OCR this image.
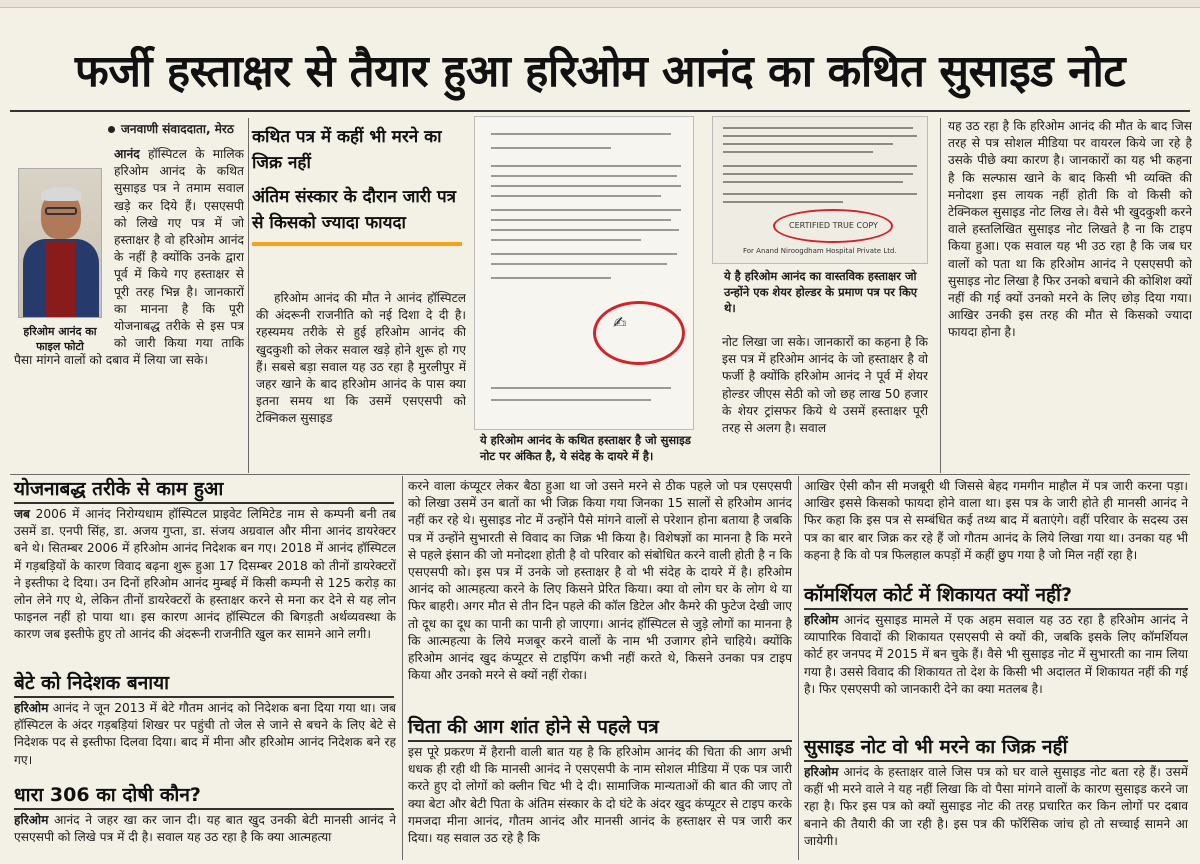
फर्जी हस्ताक्षर से तैयार हुआ हरिओम आनंद का कथित सुसाइड नोट
जनवाणी संवाददाता, मेरठ
हरिओम आनंद का फाइल फोटो

आनंद हॉस्पिटल के मालिक हरिओम आनंद के कथित सुसाइड पत्र ने तमाम सवाल खड़े कर दिये हैं। एसएसपी को लिखे गए पत्र में जो हस्ताक्षर है वो हरिओम आनंद के नहीं है क्योंकि उनके द्वारा पूर्व में किये गए हस्ताक्षर से पूरी तरह भिन्न है। जानकारों का मानना है कि पूरी योजनाबद्ध तरीके से इस पत्र को जारी किया गया ताकि पैसा मांगने वालों को दबाव में लिया जा सके।

कथित पत्र में कहीं भी मरने का जिक्र नहीं
अंतिम संस्कार के दौरान जारी पत्र से किसको ज्यादा फायदा

हरिओम आनंद की मौत ने आनंद हॉस्पिटल की अंदरूनी राजनीति को नई दिशा दे दी है। रहस्यमय तरीके से हुई हरिओम आनंद की खुदकुशी को लेकर सवाल खड़े होने शुरू हो गए हैं। सबसे बड़ा सवाल यह उठ रहा है मुरलीपुर में जहर खाने के बाद हरिओम आनंद के पास क्या इतना समय था कि उसमें एसएसपी को टेक्निकल सुसाइड

✍
ये हरिओम आनंद के कथित हस्ताक्षर है जो सुसाइड नोट पर अंकित है, ये संदेह के दायरे में है।
CERTIFIED TRUE COPY
For Anand Niroogdham Hospital Private Ltd.
ये है हरिओम आनंद का वास्तविक हस्ताक्षर जो उन्होंने एक शेयर होल्डर के प्रमाण पत्र पर किए थे।

नोट लिखा जा सके। जानकारों का कहना है कि इस पत्र में हरिओम आनंद के जो हस्ताक्षर है वो फर्जी है क्योंकि हरिओम आनंद ने पूर्व में शेयर होल्डर जीएस सेठी को जो छह लाख 50 हजार के शेयर ट्रांसफर किये थे उसमें हस्ताक्षर पूरी तरह से अलग है। सवाल

यह उठ रहा है कि हरिओम आनंद की मौत के बाद जिस तरह से पत्र सोशल मीडिया पर वायरल किये जा रहे है उसके पीछे क्या कारण है। जानकारों का यह भी कहना है कि सल्फास खाने के बाद किसी भी व्यक्ति की मनोदशा इस लायक नहीं होती कि वो किसी को टेक्निकल सुसाइड नोट लिख ले। वैसे भी खुदकुशी करने वाले हस्तलिखित सुसाइड नोट लिखते है ना कि टाइप किया हुआ। एक सवाल यह भी उठ रहा है कि जब घर वालों को पता था कि हरिओम आनंद ने एसएसपी को सुसाइड नोट लिखा है फिर उनको बचाने की कोशिश क्यों नहीं की गई क्यों उनको मरने के लिए छोड़ दिया गया। आखिर उनकी इस तरह की मौत से किसको ज्यादा फायदा होना है।

योजनाबद्ध तरीके से काम हुआ

जब 2006 में आनंद निरोग्यधाम हॉस्पिटल प्राइवेट लिमिटेड नाम से कम्पनी बनी तब उसमें डा. एनपी सिंह, डा. अजय गुप्ता, डा. संजय अग्रवाल और मीना आनंद डायरेक्टर बने थे। सितम्बर 2006 में हरिओम आनंद निदेशक बन गए। 2018 में आनंद हॉस्पिटल में गड़बड़ियों के कारण विवाद बढ़ना शुरू हुआ 17 दिसम्बर 2018 को तीनों डायरेक्टरों ने इस्तीफा दे दिया। उन दिनों हरिओम आनंद मुम्बई में किसी कम्पनी से 125 करोड़ का लोन लेने गए थे, लेकिन तीनों डायरेक्टरों के हस्ताक्षर करने से मना कर देने से यह लोन फाइनल नहीं हो पाया था। इस कारण आनंद हॉस्पिटल की बिगड़ती अर्थव्यवस्था के कारण जब इस्तीफे हुए तो आनंद की अंदरूनी राजनीति खुल कर सामने आने लगी।

बेटे को निदेशक बनाया

हरिओम आनंद ने जून 2013 में बेटे गौतम आनंद को निदेशक बना दिया गया था। जब हॉस्पिटल के अंदर गड़बड़ियां शिखर पर पहुंची तो जेल से जाने से बचने के लिए बेटे से निदेशक पद से इस्तीफा दिलवा दिया। बाद में मीना और हरिओम आनंद निदेशक बने रह गए।

धारा 306 का दोषी कौन?

हरिओम आनंद ने जहर खा कर जान दी। यह बात खुद उनकी बेटी मानसी आनंद ने एसएसपी को लिखे पत्र में दी है। सवाल यह उठ रहा है कि क्या आत्महत्या

करने वाला कंप्यूटर लेकर बैठा हुआ था जो उसने मरने से ठीक पहले जो पत्र एसएसपी को लिखा उसमें उन बातों का भी जिक्र किया गया जिनका 15 सालों से हरिओम आनंद नहीं कर रहे थे। सुसाइड नोट में उन्होंने पैसे मांगने वालों से परेशान होना बताया है जबकि पत्र में उन्होंने सुभारती से विवाद का जिक्र भी किया है। विशेषज्ञों का मानना है कि मरने से पहले इंसान की जो मनोदशा होती है वो परिवार को संबोधित करने वाली होती है न कि एसएसपी को। इस पत्र में उनके जो हस्ताक्षर है वो भी संदेह के दायरे में है। हरिओम आनंद को आत्महत्या करने के लिए किसने प्रेरित किया। क्या वो लोग घर के लोग थे या फिर बाहरी। अगर मौत से तीन दिन पहले की कॉल डिटेल और कैमरे की फुटेज देखी जाए तो दूध का दूध का पानी का पानी हो जाएगा। आनंद हॉस्पिटल से जुड़े लोगों का मानना है कि आत्महत्या के लिये मजबूर करने वालों के नाम भी उजागर होने चाहिये। क्योंकि हरिओम आनंद खुद कंप्यूटर से टाइपिंग कभी नहीं करते थे, किसने उनका पत्र टाइप किया और उनको मरने से क्यों नहीं रोका।

चिता की आग शांत होने से पहले पत्र

इस पूरे प्रकरण में हैरानी वाली बात यह है कि हरिओम आनंद की चिता की आग अभी धधक ही रही थी कि मानसी आनंद ने एसएसपी के नाम सोशल मीडिया में एक पत्र जारी करते हुए दो लोगों को क्लीन चिट भी दे दी। सामाजिक मान्यताओं की बात की जाए तो क्या बेटा और बेटी पिता के अंतिम संस्कार के दो घंटे के अंदर खुद कंप्यूटर से टाइप करके गमजदा मीना आनंद, गौतम आनंद और मानसी आनंद के हस्ताक्षर से पत्र जारी कर दिया। यह सवाल उठ रहे है कि

आखिर ऐसी कौन सी मजबूरी थी जिससे बेहद गमगीन माहौल में पत्र जारी करना पड़ा। आखिर इससे किसको फायदा होने वाला था। इस पत्र के जारी होते ही मानसी आनंद ने फिर कहा कि इस पत्र से सम्बंधित कई तथ्य बाद में बताएंगे। वहीं परिवार के सदस्य उस पत्र का बार बार जिक्र कर रहे हैं जो गौतम आनंद के लिये लिखा गया था। उनका यह भी कहना है कि वो पत्र फिलहाल कपड़ों में कहीं छुप गया है जो मिल नहीं रहा है।

कॉमर्शियल कोर्ट में शिकायत क्यों नहीं?

हरिओम आनंद सुसाइड मामले में एक अहम सवाल यह उठ रहा है हरिओम आनंद ने व्यापारिक विवादों की शिकायत एसएसपी से क्यों की, जबकि इसके लिए कॉमर्शियल कोर्ट हर जनपद में 2015 में बन चुके हैं। वैसे भी सुसाइड नोट में सुभारती का नाम लिया गया है। उससे विवाद की शिकायत तो देश के किसी भी अदालत में शिकायत नहीं की गई है। फिर एसएसपी को जानकारी देने का क्या मतलब है।

सुसाइड नोट वो भी मरने का जिक्र नहीं

हरिओम आनंद के हस्ताक्षर वाले जिस पत्र को घर वाले सुसाइड नोट बता रहे हैं। उसमें कहीं भी मरने वाले ने यह नहीं लिखा कि वो पैसा मांगने वालों के कारण सुसाइड करने जा रहा है। फिर इस पत्र को क्यों सुसाइड नोट की तरह प्रचारित कर किन लोगों पर दबाव बनाने की तैयारी की जा रही है। इस पत्र की फॉरेंसिक जांच हो तो सच्चाई सामने आ जायेगी।
